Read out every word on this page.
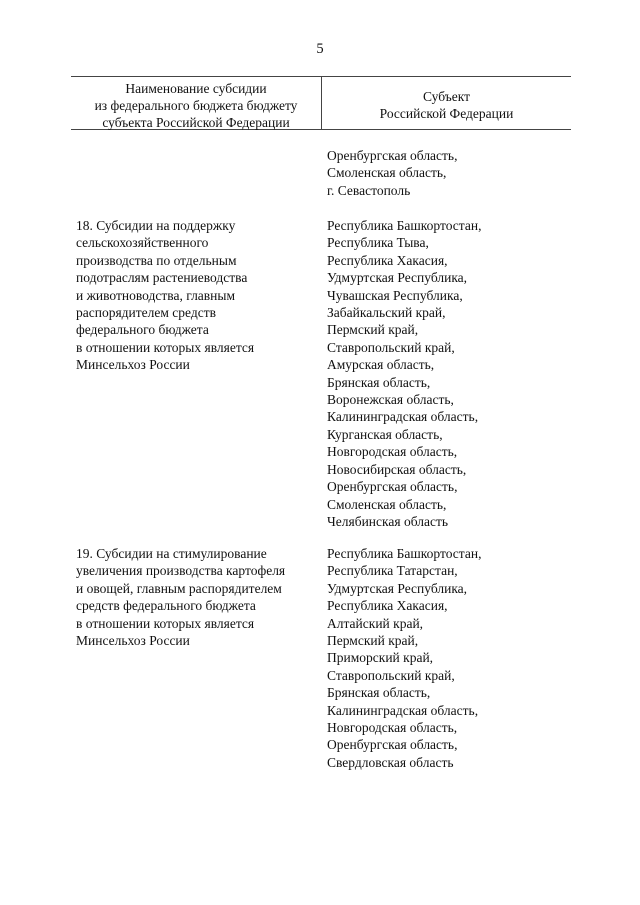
5
Наименование субсидии
из федерального бюджета бюджету
субъекта Российской Федерации
Субъект
Российской Федерации
Оренбургская область,
Смоленская область,
г. Севастополь
18. Субсидии на поддержку
сельскохозяйственного
производства по отдельным
подотраслям растениеводства
и животноводства, главным
распорядителем средств
федерального бюджета
в отношении которых является
Минсельхоз России
Республика Башкортостан,
Республика Тыва,
Республика Хакасия,
Удмуртская Республика,
Чувашская Республика,
Забайкальский край,
Пермский край,
Ставропольский край,
Амурская область,
Брянская область,
Воронежская область,
Калининградская область,
Курганская область,
Новгородская область,
Новосибирская область,
Оренбургская область,
Смоленская область,
Челябинская область
19. Субсидии на стимулирование
увеличения производства картофеля
и овощей, главным распорядителем
средств федерального бюджета
в отношении которых является
Минсельхоз России
Республика Башкортостан,
Республика Татарстан,
Удмуртская Республика,
Республика Хакасия,
Алтайский край,
Пермский край,
Приморский край,
Ставропольский край,
Брянская область,
Калининградская область,
Новгородская область,
Оренбургская область,
Свердловская область
